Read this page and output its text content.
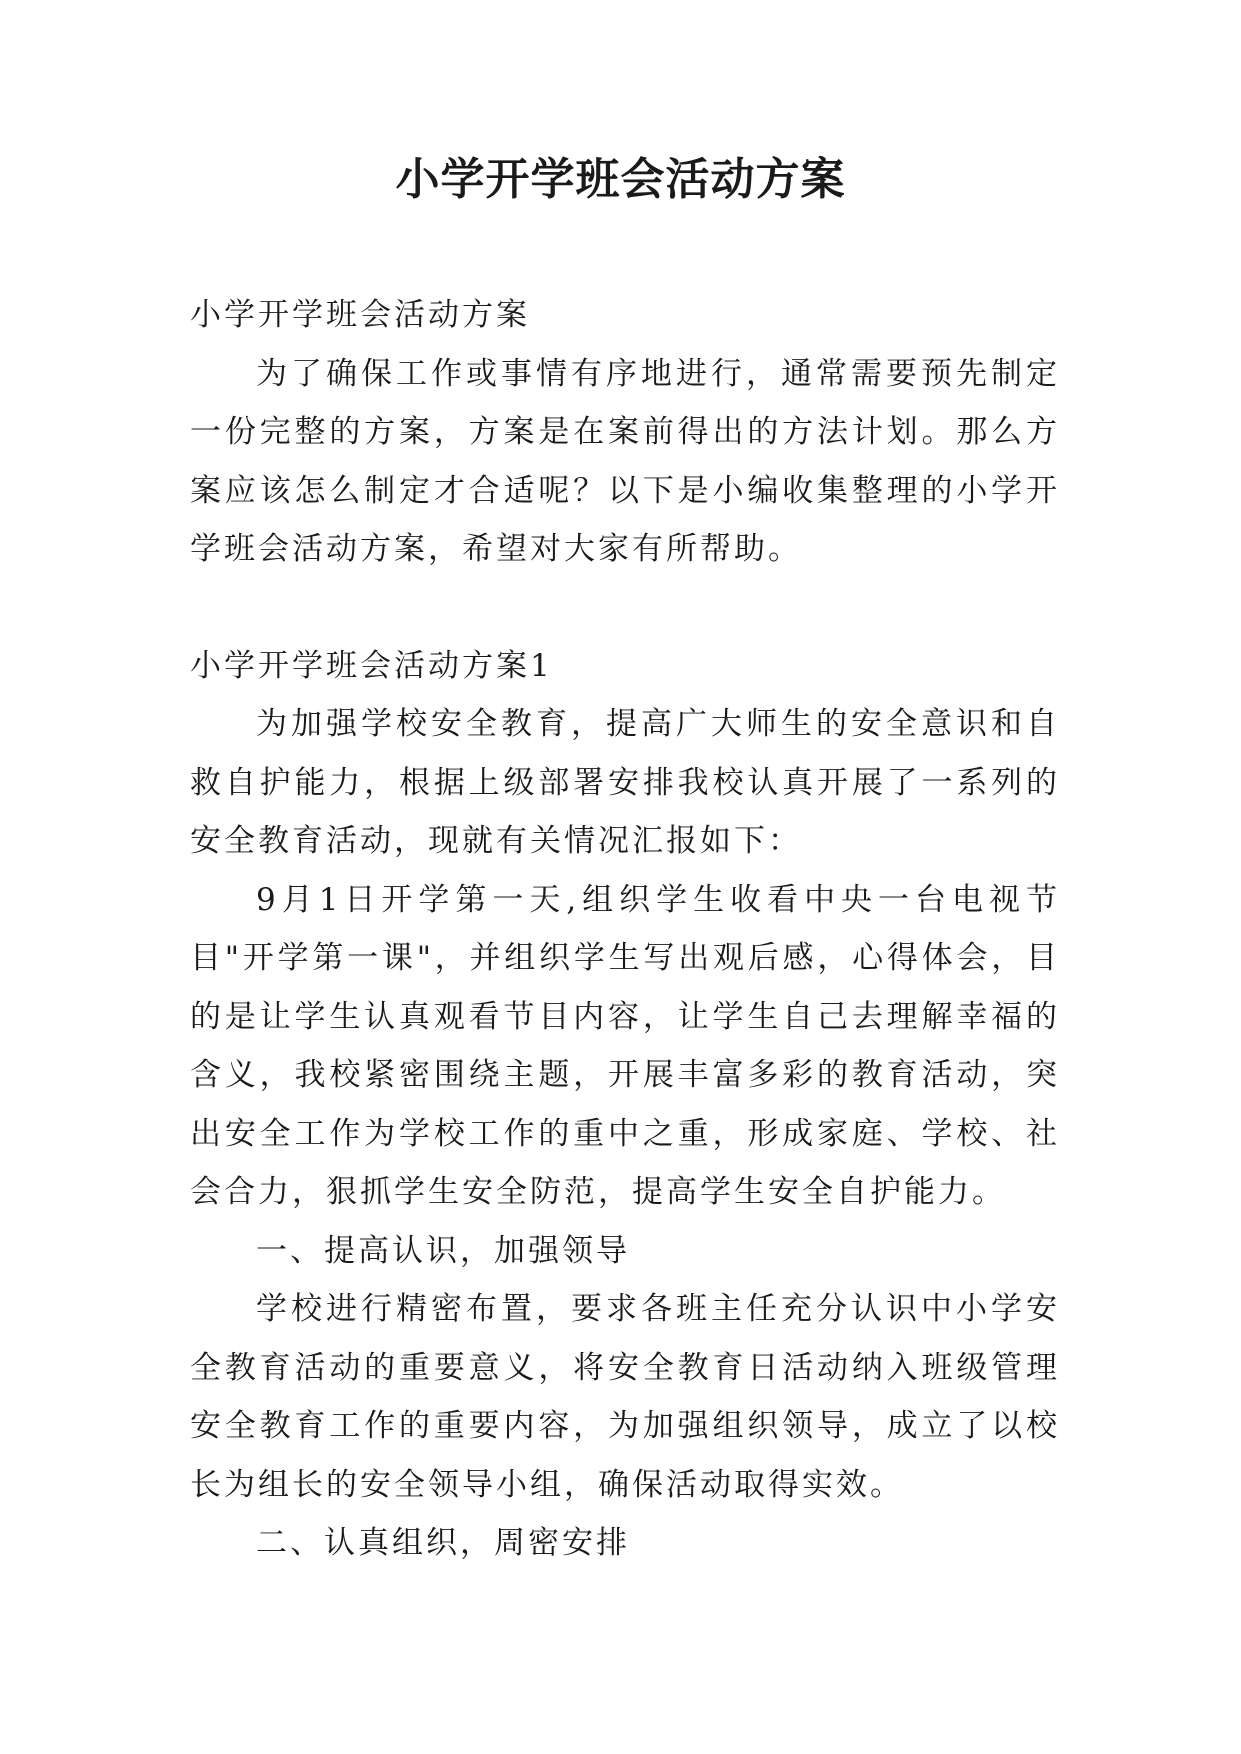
小学开学班会活动方案

小学开学班会活动方案

为了确保工作或事情有序地进行，通常需要预先制定一份完整的方案，方案是在案前得出的方法计划。那么方案应该怎么制定才合适呢？以下是小编收集整理的小学开学班会活动方案，希望对大家有所帮助。

小学开学班会活动方案1

为加强学校安全教育，提高广大师生的安全意识和自救自护能力，根据上级部署安排我校认真开展了一系列的安全教育活动，现就有关情况汇报如下：

9月1日开学第一天,组织学生收看中央一台电视节目"开学第一课"，并组织学生写出观后感，心得体会，目的是让学生认真观看节目内容，让学生自己去理解幸福的含义，我校紧密围绕主题，开展丰富多彩的教育活动，突出安全工作为学校工作的重中之重，形成家庭、学校、社会合力，狠抓学生安全防范，提高学生安全自护能力。

一、提高认识，加强领导

学校进行精密布置，要求各班主任充分认识中小学安全教育活动的重要意义，将安全教育日活动纳入班级管理安全教育工作的重要内容，为加强组织领导，成立了以校长为组长的安全领导小组，确保活动取得实效。

二、认真组织，周密安排
